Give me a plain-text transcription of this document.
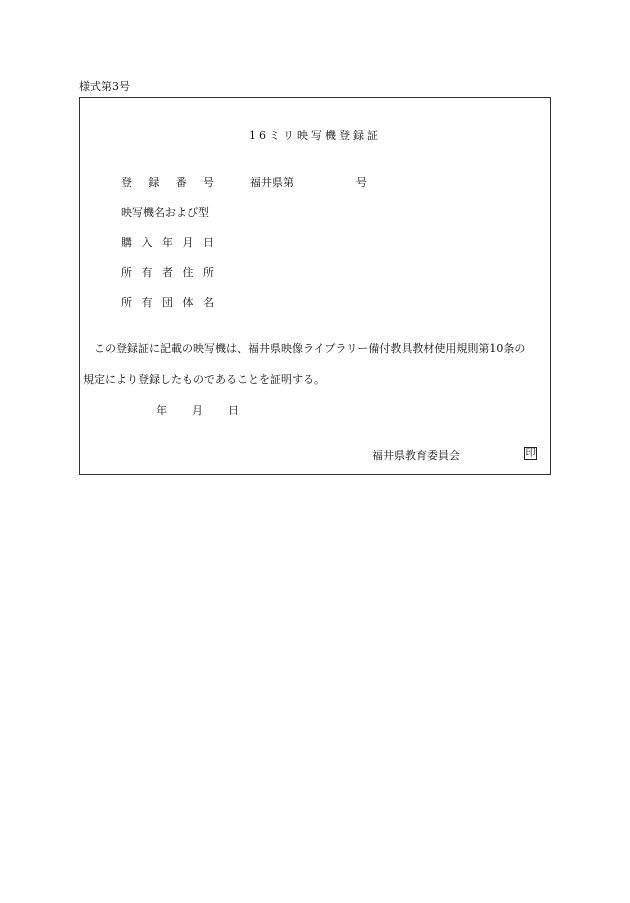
様式第3号
16ミリ映写機登録証
登 録 番 号	福井県第	号
映写機名および型
購 入 年 月 日
所 有 者 住 所
所 有 団 体 名
　この登録証に記載の映写機は、福井県映像ライブラリー備付教具教材使用規則第10条の
規定により登録したものであることを証明する。
年 月 日
福井県教育委員会	印
